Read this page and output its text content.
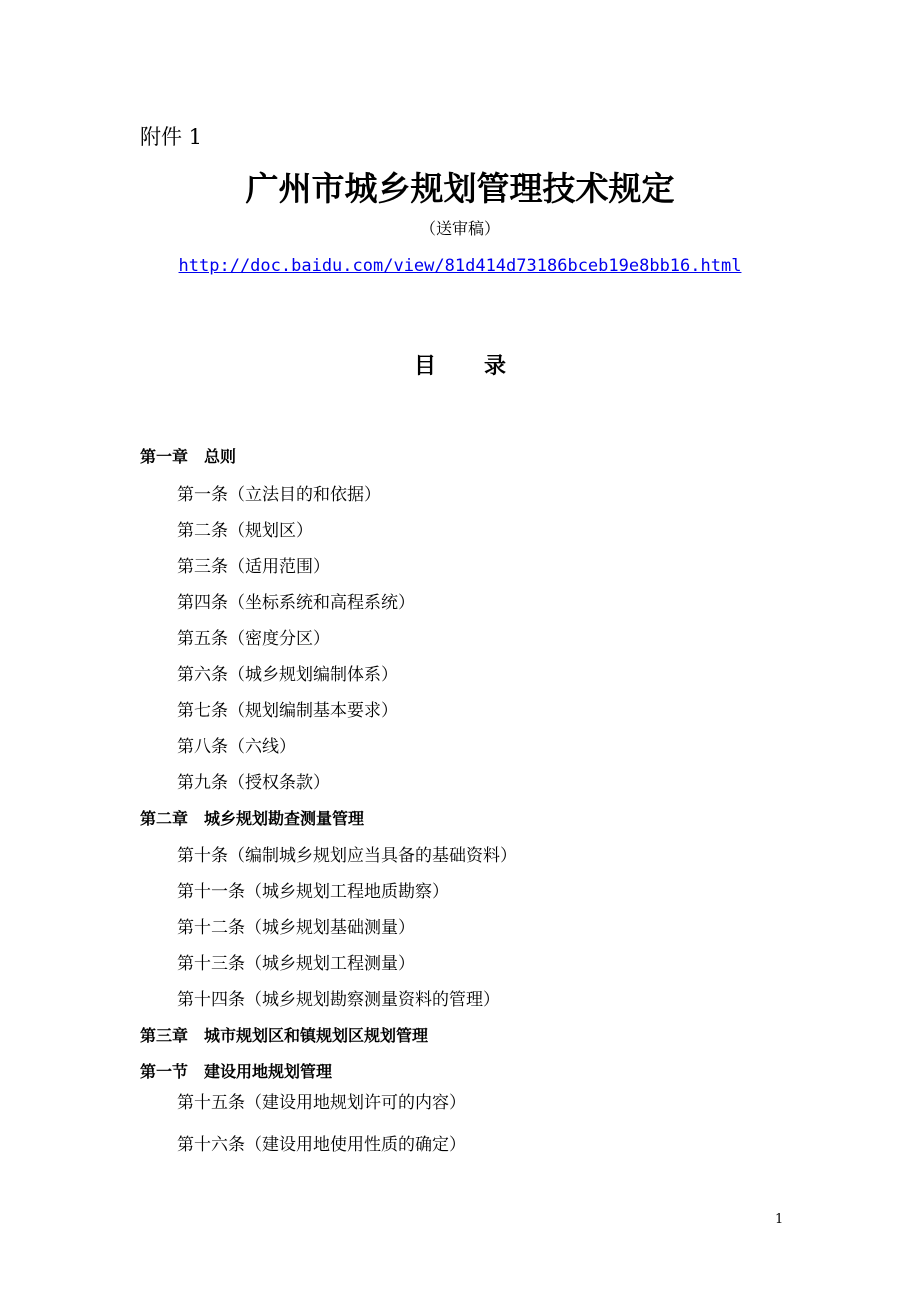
附件 1
广州市城乡规划管理技术规定
（送审稿）
http://doc.baidu.com/view/81d414d73186bceb19e8bb16.html
目录
第一章　总则
第一条（立法目的和依据）
第二条（规划区）
第三条（适用范围）
第四条（坐标系统和高程系统）
第五条（密度分区）
第六条（城乡规划编制体系）
第七条（规划编制基本要求）
第八条（六线）
第九条（授权条款）
第二章　城乡规划勘查测量管理
第十条（编制城乡规划应当具备的基础资料）
第十一条（城乡规划工程地质勘察）
第十二条（城乡规划基础测量）
第十三条（城乡规划工程测量）
第十四条（城乡规划勘察测量资料的管理）
第三章　城市规划区和镇规划区规划管理
第一节　建设用地规划管理
第十五条（建设用地规划许可的内容）
第十六条（建设用地使用性质的确定）
1
